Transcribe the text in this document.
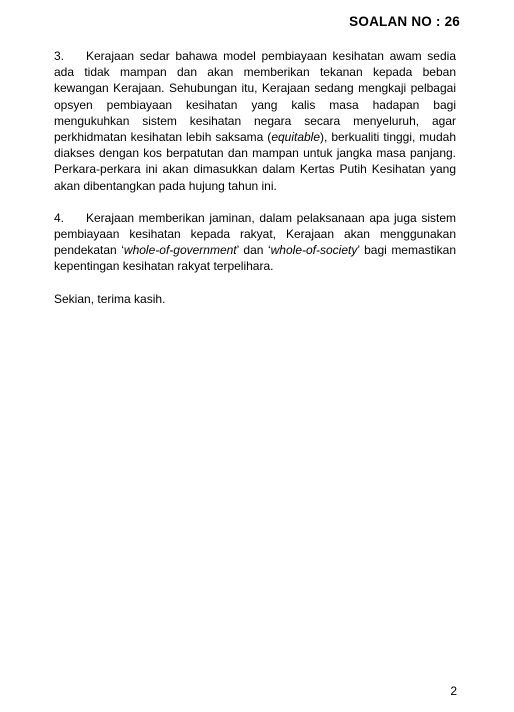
SOALAN NO : 26

3. Kerajaan sedar bahawa model pembiayaan kesihatan awam sedia ada tidak mampan dan akan memberikan tekanan kepada beban kewangan Kerajaan. Sehubungan itu, Kerajaan sedang mengkaji pelbagai opsyen pembiayaan kesihatan yang kalis masa hadapan bagi mengukuhkan sistem kesihatan negara secara menyeluruh, agar perkhidmatan kesihatan lebih saksama (equitable), berkualiti tinggi, mudah diakses dengan kos berpatutan dan mampan untuk jangka masa panjang. Perkara-perkara ini akan dimasukkan dalam Kertas Putih Kesihatan yang akan dibentangkan pada hujung tahun ini.

4. Kerajaan memberikan jaminan, dalam pelaksanaan apa juga sistem pembiayaan kesihatan kepada rakyat, Kerajaan akan menggunakan pendekatan ‘whole-of-government’ dan ‘whole-of-society’ bagi memastikan kepentingan kesihatan rakyat terpelihara.

Sekian, terima kasih.

2
